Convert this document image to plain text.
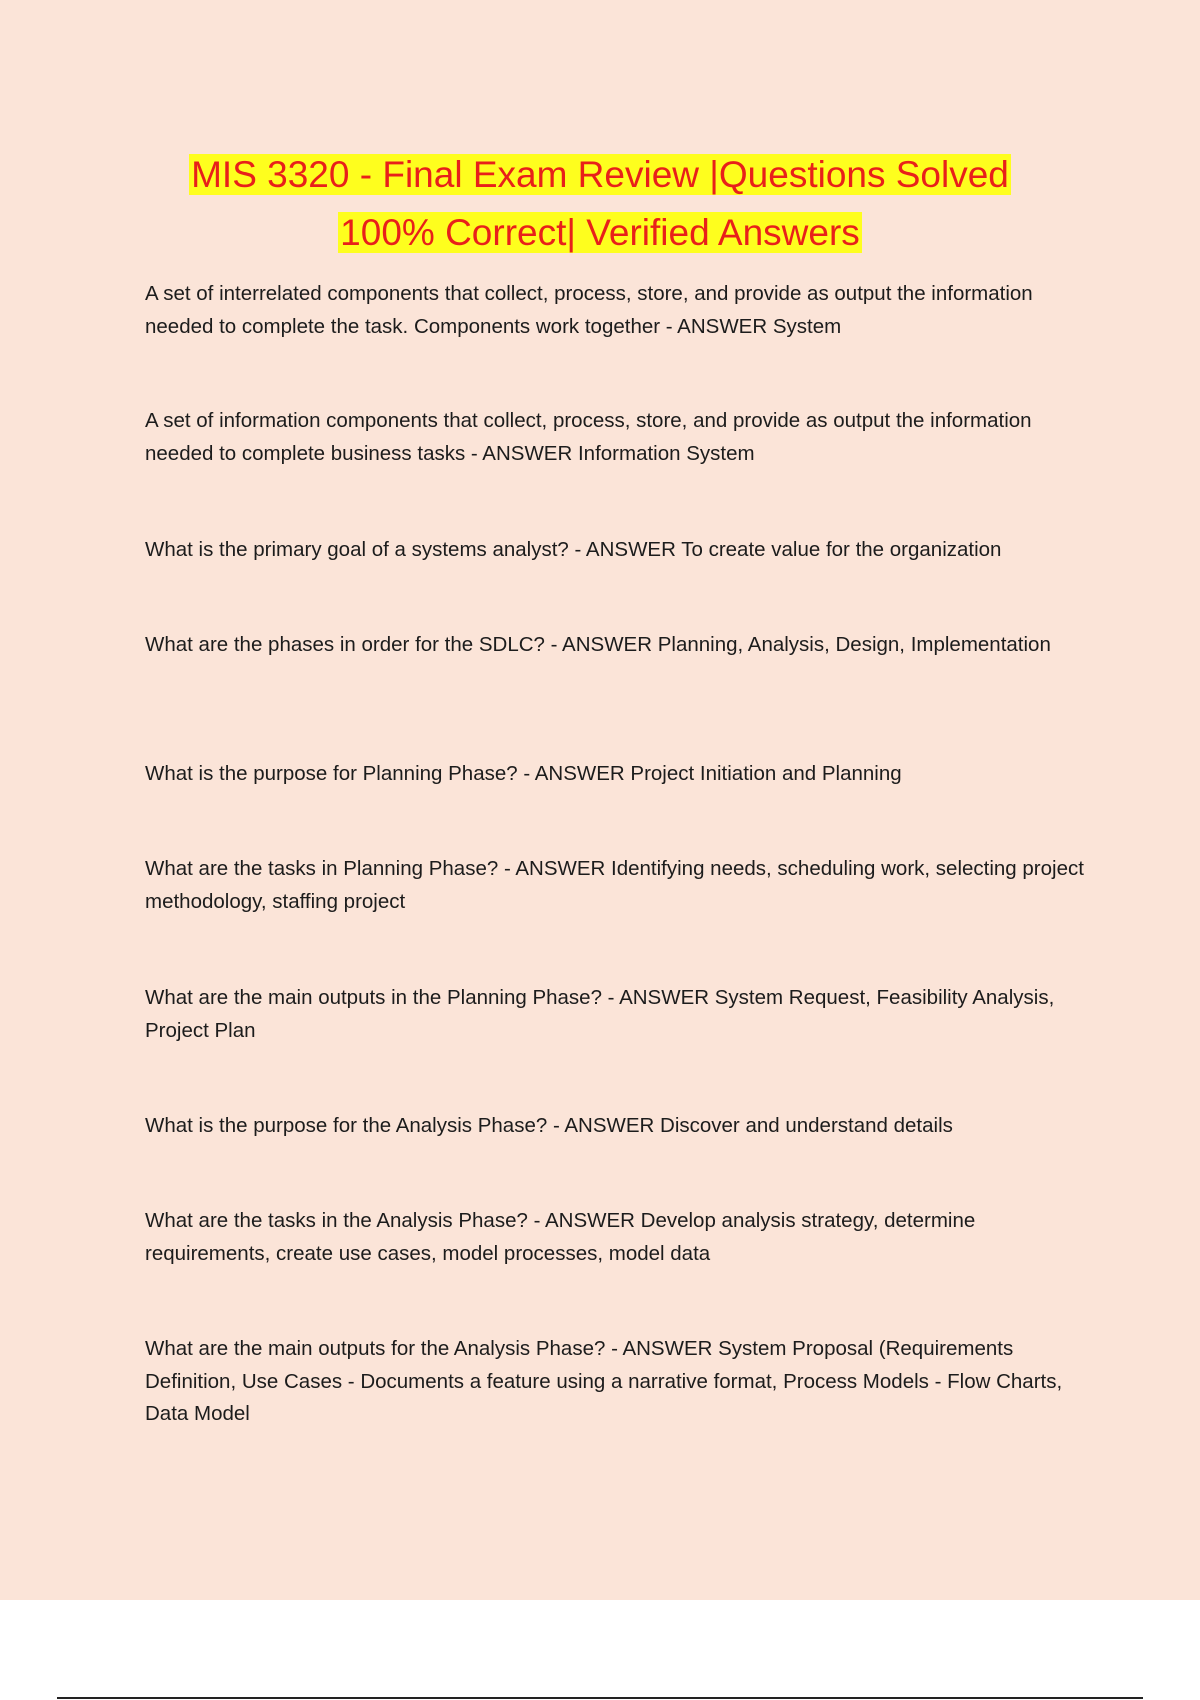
MIS 3320 - Final Exam Review |Questions Solved
100% Correct| Verified Answers
A set of interrelated components that collect, process, store, and provide as output the information needed to complete the task. Components work together - ANSWER System
A set of information components that collect, process, store, and provide as output the information needed to complete business tasks - ANSWER Information System
What is the primary goal of a systems analyst? - ANSWER To create value for the organization
What are the phases in order for the SDLC? - ANSWER Planning, Analysis, Design, Implementation
What is the purpose for Planning Phase? - ANSWER Project Initiation and Planning
What are the tasks in Planning Phase? - ANSWER Identifying needs, scheduling work, selecting project methodology, staffing project
What are the main outputs in the Planning Phase? - ANSWER System Request, Feasibility Analysis, Project Plan
What is the purpose for the Analysis Phase? - ANSWER Discover and understand details
What are the tasks in the Analysis Phase? - ANSWER Develop analysis strategy, determine requirements, create use cases, model processes, model data
What are the main outputs for the Analysis Phase? - ANSWER System Proposal (Requirements Definition, Use Cases - Documents a feature using a narrative format, Process Models - Flow Charts, Data Model
